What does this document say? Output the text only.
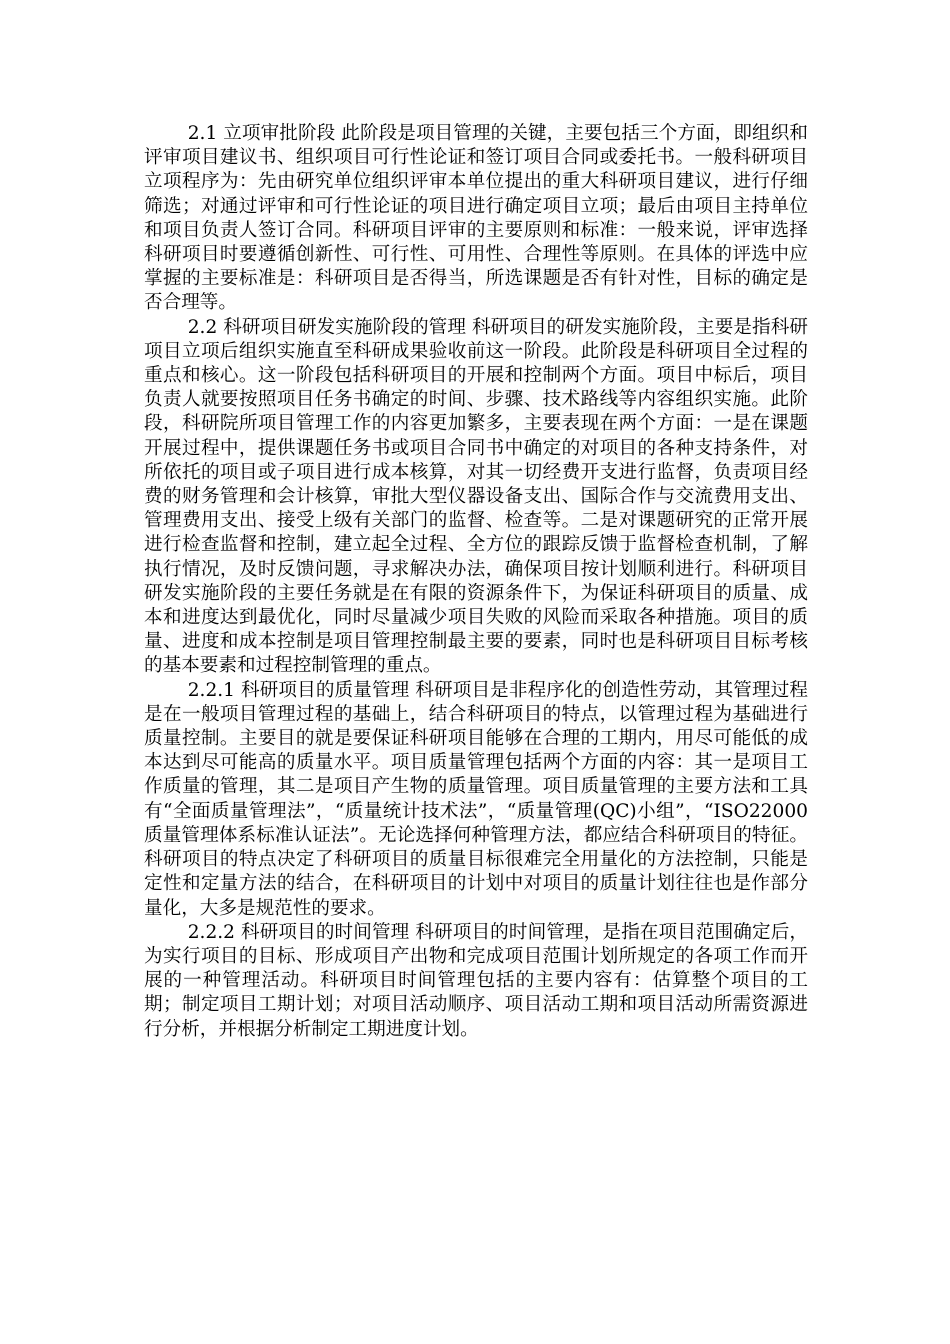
2.1 立项审批阶段 此阶段是项目管理的关键，主要包括三个方面，即组织和评审项目建议书、组织项目可行性论证和签订项目合同或委托书。一般科研项目立项程序为：先由研究单位组织评审本单位提出的重大科研项目建议，进行仔细筛选；对通过评审和可行性论证的项目进行确定项目立项；最后由项目主持单位和项目负责人签订合同。科研项目评审的主要原则和标准：一般来说，评审选择科研项目时要遵循创新性、可行性、可用性、合理性等原则。在具体的评选中应掌握的主要标准是：科研项目是否得当，所选课题是否有针对性，目标的确定是否合理等。

2.2 科研项目研发实施阶段的管理 科研项目的研发实施阶段，主要是指科研项目立项后组织实施直至科研成果验收前这一阶段。此阶段是科研项目全过程的重点和核心。这一阶段包括科研项目的开展和控制两个方面。项目中标后，项目负责人就要按照项目任务书确定的时间、步骤、技术路线等内容组织实施。此阶段，科研院所项目管理工作的内容更加繁多，主要表现在两个方面：一是在课题开展过程中，提供课题任务书或项目合同书中确定的对项目的各种支持条件，对所依托的项目或子项目进行成本核算，对其一切经费开支进行监督，负责项目经费的财务管理和会计核算，审批大型仪器设备支出、国际合作与交流费用支出、管理费用支出、接受上级有关部门的监督、检查等。二是对课题研究的正常开展进行检查监督和控制，建立起全过程、全方位的跟踪反馈于监督检查机制，了解执行情况，及时反馈问题，寻求解决办法，确保项目按计划顺利进行。科研项目研发实施阶段的主要任务就是在有限的资源条件下，为保证科研项目的质量、成本和进度达到最优化，同时尽量减少项目失败的风险而采取各种措施。项目的质量、进度和成本控制是项目管理控制最主要的要素，同时也是科研项目目标考核的基本要素和过程控制管理的重点。

2.2.1 科研项目的质量管理 科研项目是非程序化的创造性劳动，其管理过程是在一般项目管理过程的基础上，结合科研项目的特点，以管理过程为基础进行质量控制。主要目的就是要保证科研项目能够在合理的工期内，用尽可能低的成本达到尽可能高的质量水平。项目质量管理包括两个方面的内容：其一是项目工作质量的管理，其二是项目产生物的质量管理。项目质量管理的主要方法和工具有“全面质量管理法”，“质量统计技术法”，“质量管理(QC)小组”，“ISO22000质量管理体系标准认证法”。无论选择何种管理方法，都应结合科研项目的特征。科研项目的特点决定了科研项目的质量目标很难完全用量化的方法控制，只能是定性和定量方法的结合，在科研项目的计划中对项目的质量计划往往也是作部分量化，大多是规范性的要求。

2.2.2 科研项目的时间管理 科研项目的时间管理，是指在项目范围确定后，为实行项目的目标、形成项目产出物和完成项目范围计划所规定的各项工作而开展的一种管理活动。科研项目时间管理包括的主要内容有：估算整个项目的工期；制定项目工期计划；对项目活动顺序、项目活动工期和项目活动所需资源进行分析，并根据分析制定工期进度计划。
